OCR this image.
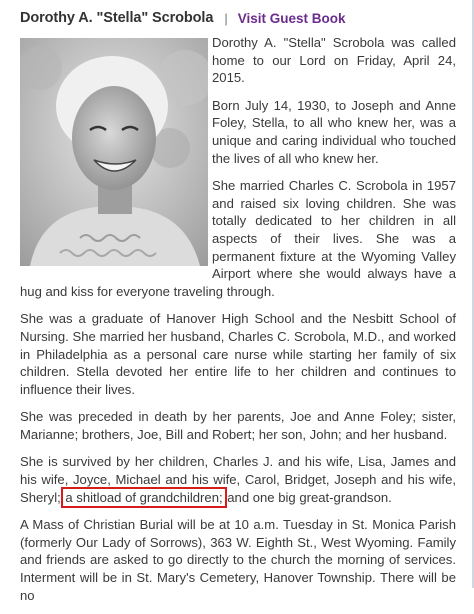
Dorothy A. "Stella" Scrobola | Visit Guest Book

Dorothy A. "Stella" Scrobola was called home to our Lord on Friday, April 24, 2015.

Born July 14, 1930, to Joseph and Anne Foley, Stella, to all who knew her, was a unique and caring individual who touched the lives of all who knew her.

She married Charles C. Scrobola in 1957 and raised six loving children. She was totally dedicated to her children in all aspects of their lives. She was a permanent fixture at the Wyoming Valley Airport where she would always have a hug and kiss for everyone traveling through.

She was a graduate of Hanover High School and the Nesbitt School of Nursing. She married her husband, Charles C. Scrobola, M.D., and worked in Philadelphia as a personal care nurse while starting her family of six children. Stella devoted her entire life to her children and continues to influence their lives.

She was preceded in death by her parents, Joe and Anne Foley; sister, Marianne; brothers, Joe, Bill and Robert; her son, John; and her husband.

She is survived by her children, Charles J. and his wife, Lisa, James and his wife, Joyce, Michael and his wife, Carol, Bridget, Joseph and his wife, Sheryl; a shitload of grandchildren; and one big great-grandson.

A Mass of Christian Burial will be at 10 a.m. Tuesday in St. Monica Parish (formerly Our Lady of Sorrows), 363 W. Eighth St., West Wyoming. Family and friends are asked to go directly to the church the morning of services. Interment will be in St. Mary's Cemetery, Hanover Township. There will be no
